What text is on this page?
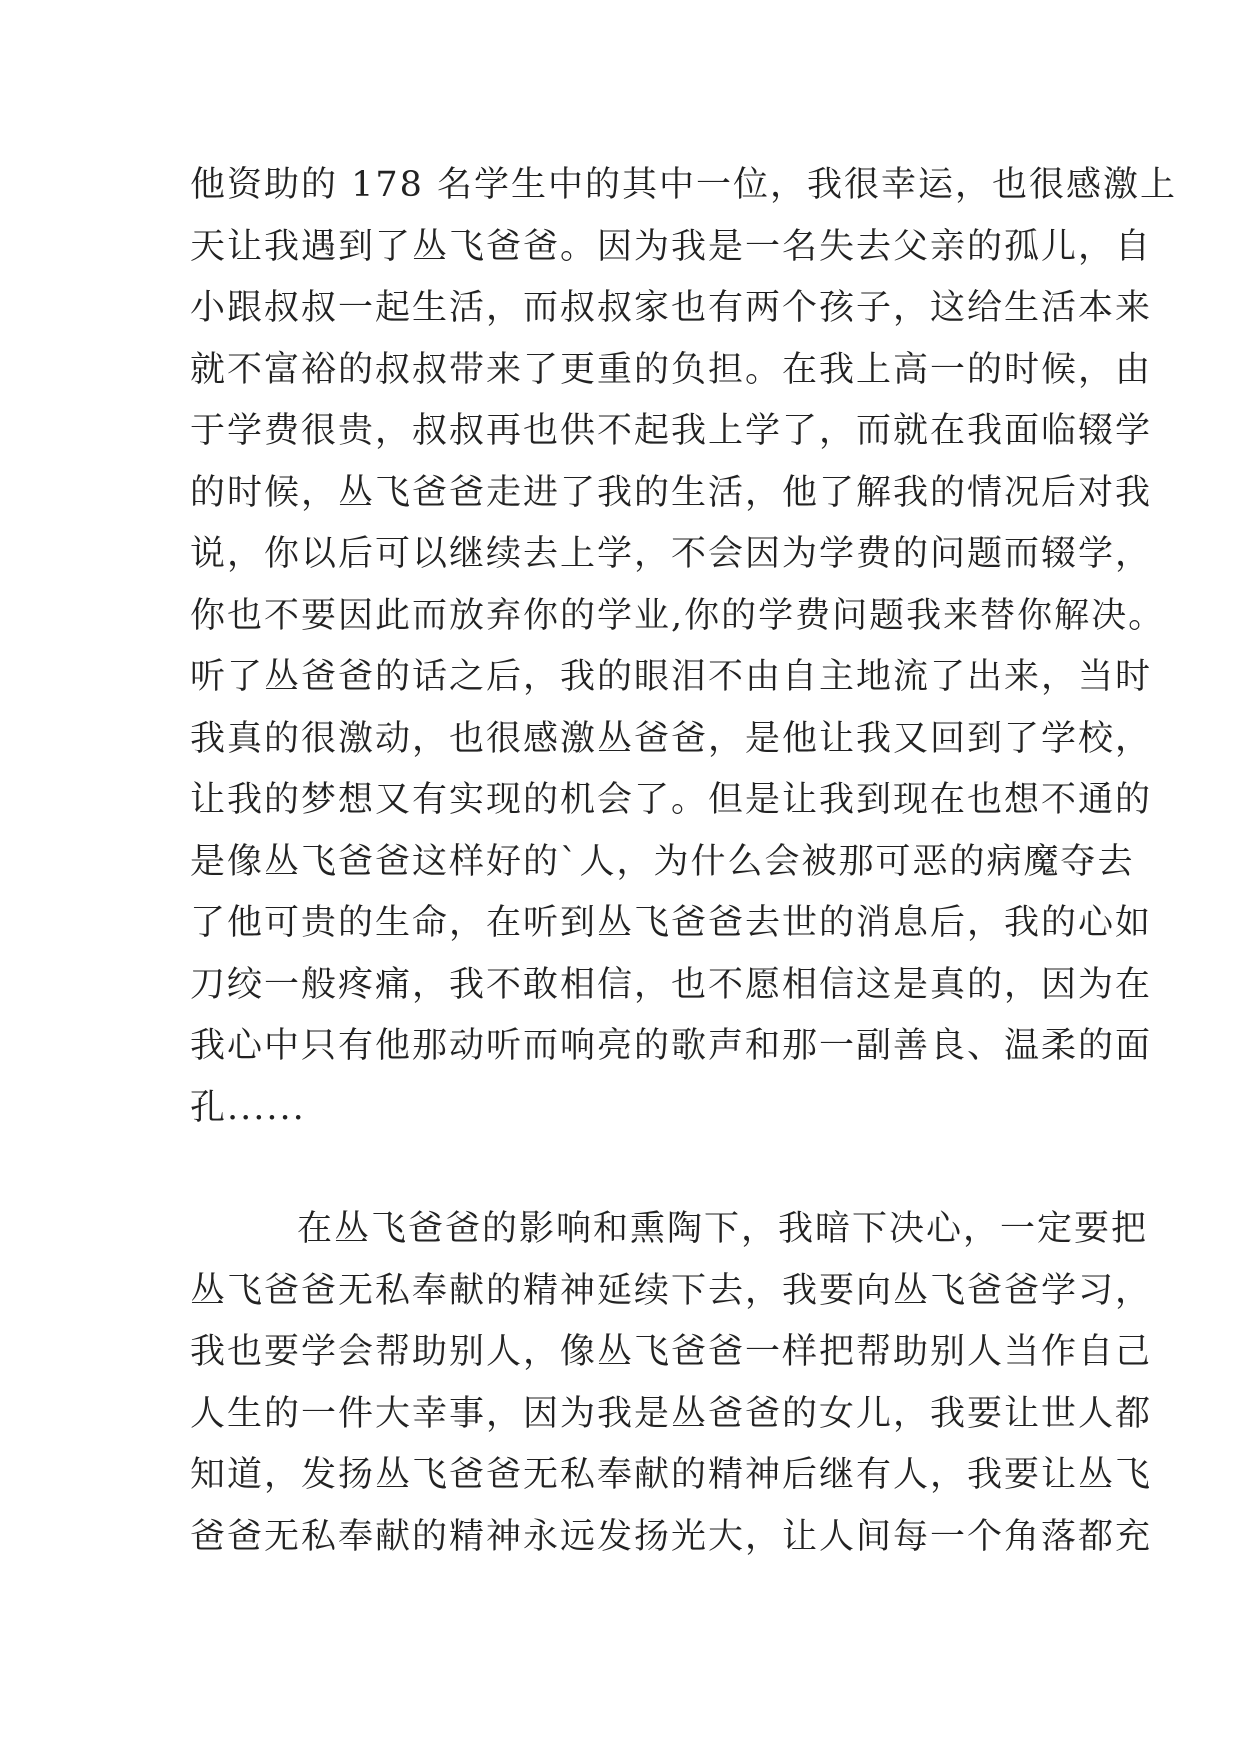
他资助的 178 名学生中的其中一位，我很幸运，也很感激上
天让我遇到了丛飞爸爸。因为我是一名失去父亲的孤儿，自
小跟叔叔一起生活，而叔叔家也有两个孩子，这给生活本来
就不富裕的叔叔带来了更重的负担。在我上高一的时候，由
于学费很贵，叔叔再也供不起我上学了，而就在我面临辍学
的时候，丛飞爸爸走进了我的生活，他了解我的情况后对我
说，你以后可以继续去上学，不会因为学费的问题而辍学，
你也不要因此而放弃你的学业,你的学费问题我来替你解决。
听了丛爸爸的话之后，我的眼泪不由自主地流了出来，当时
我真的很激动，也很感激丛爸爸，是他让我又回到了学校，
让我的梦想又有实现的机会了。但是让我到现在也想不通的
是像丛飞爸爸这样好的`人，为什么会被那可恶的病魔夺去
了他可贵的生命，在听到丛飞爸爸去世的消息后，我的心如
刀绞一般疼痛，我不敢相信，也不愿相信这是真的，因为在
我心中只有他那动听而响亮的歌声和那一副善良、温柔的面
孔......
在丛飞爸爸的影响和熏陶下，我暗下决心，一定要把
丛飞爸爸无私奉献的精神延续下去，我要向丛飞爸爸学习，
我也要学会帮助别人，像丛飞爸爸一样把帮助别人当作自己
人生的一件大幸事，因为我是丛爸爸的女儿，我要让世人都
知道，发扬丛飞爸爸无私奉献的精神后继有人，我要让丛飞
爸爸无私奉献的精神永远发扬光大，让人间每一个角落都充
